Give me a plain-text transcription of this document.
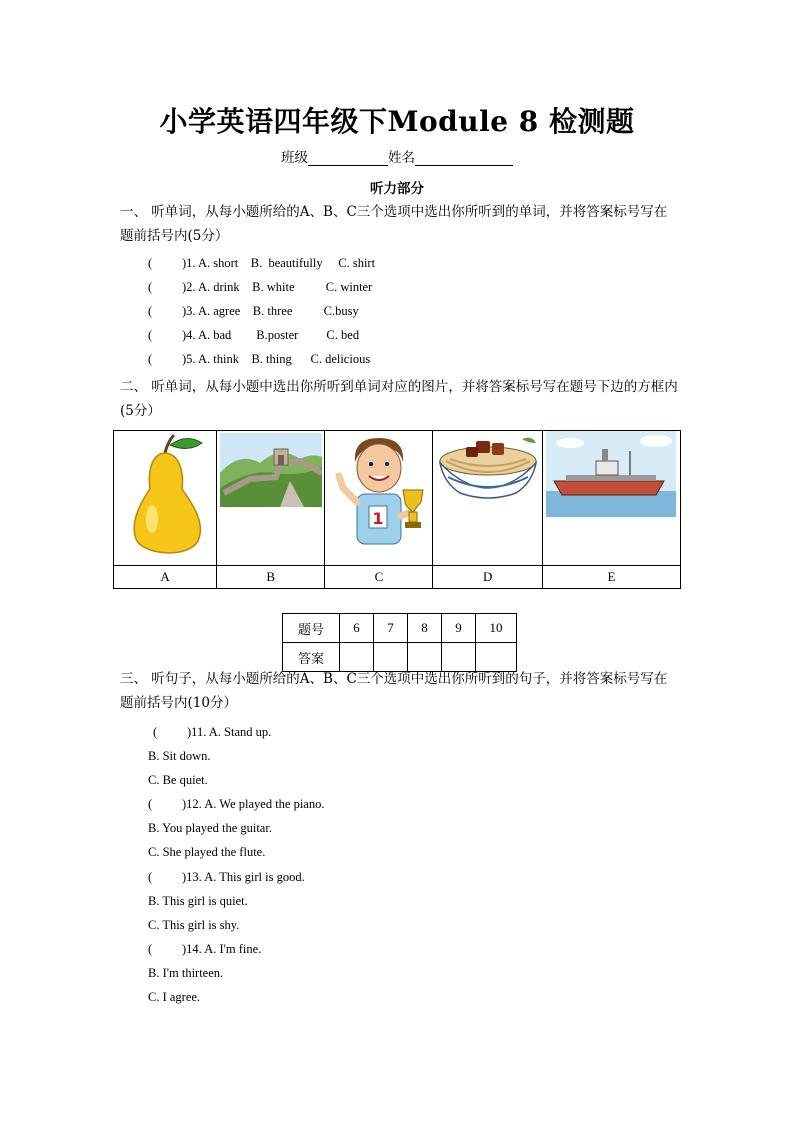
小学英语四年级下Module 8 检测题
班级	姓名
听力部分
一、 听单词，从每小题所给的A、B、C三个选项中选出你所听到的单词，并将答案标号写在题前括号内(5分）
( )1. A. short    B.  beautifully     C. shirt
( )2. A. drink    B. white          C. winter
( )3. A. agree    B. three          C.busy
( )4. A. bad        B.poster         C. bed
( )5. A. think    B. thing      C. delicious
二、 听单词，从每小题中选出你所听到单词对应的图片，并将答案标号写在题号下边的方框内(5分）

1

A	B	C	D	E
题号	6	7	8	9	10
答案					
三、 听句子，从每小题所给的A、B、C三个选项中选出你所听到的句子，并将答案标号写在题前括号内(10分）
( )11. A. Stand up.
B. Sit down.
C. Be quiet.
( )12. A. We played the piano.
B. You played the guitar.
C. She played the flute.
( )13. A. This girl is good.
B. This girl is quiet.
C. This girl is shy.
( )14. A. I'm fine.
B. I'm thirteen.
C. I agree.
